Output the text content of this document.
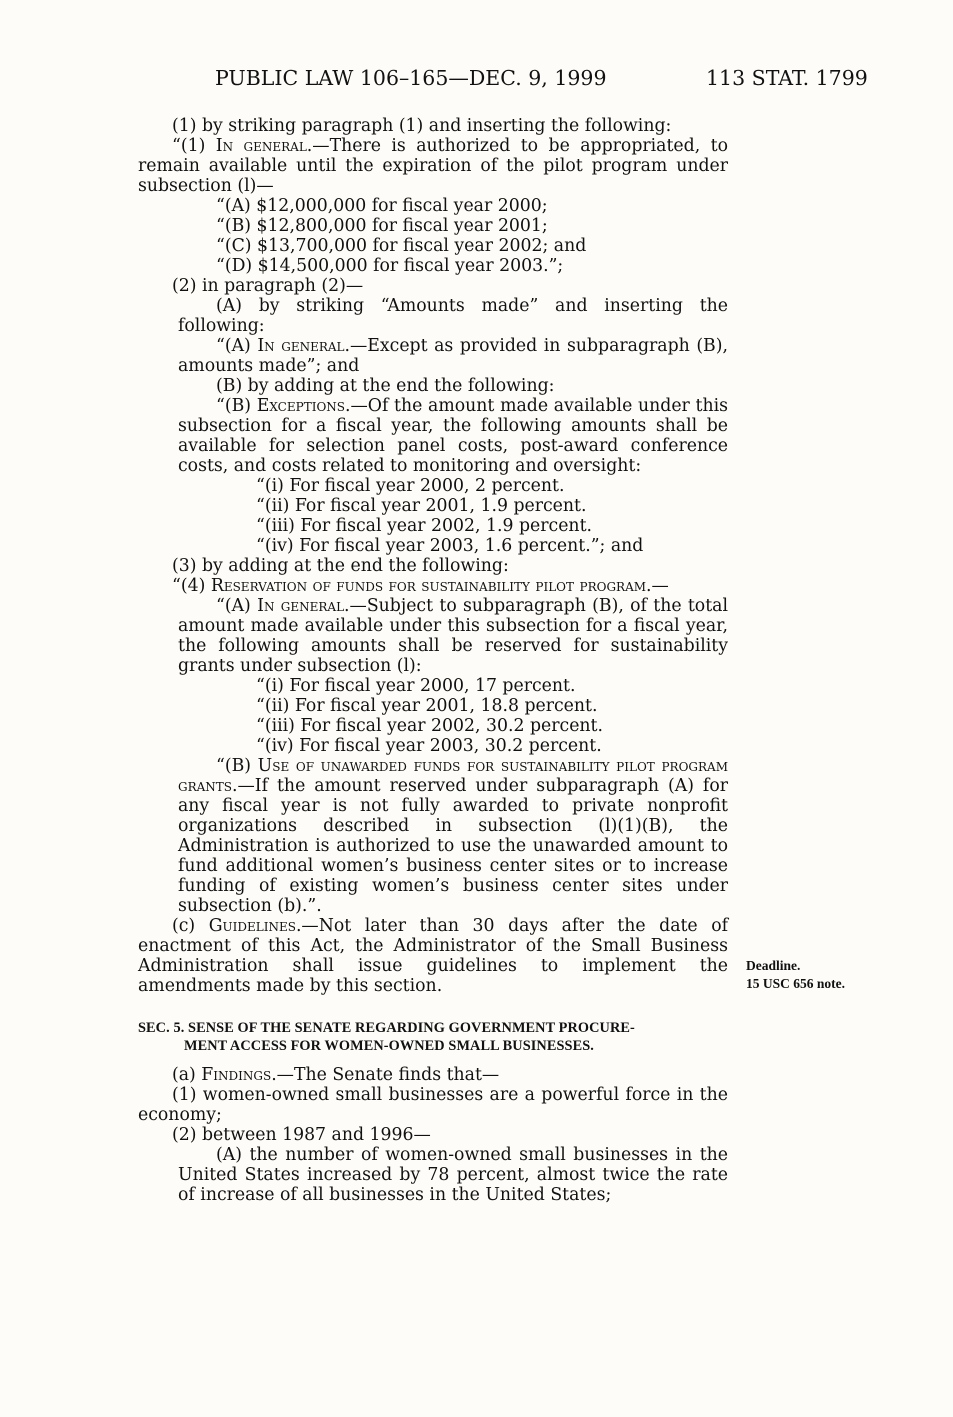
PUBLIC LAW 106–165—DEC. 9, 1999	113 STAT. 1799
(1) by striking paragraph (1) and inserting the following:
“(1) In general.—There is authorized to be appropriated, to remain available until the expiration of the pilot program under subsection (l)—
“(A) $12,000,000 for fiscal year 2000;
“(B) $12,800,000 for fiscal year 2001;
“(C) $13,700,000 for fiscal year 2002; and
“(D) $14,500,000 for fiscal year 2003.”;
(2) in paragraph (2)—
(A) by striking “Amounts made” and inserting the following:
“(A) In general.—Except as provided in subparagraph (B), amounts made”; and
(B) by adding at the end the following:
“(B) Exceptions.—Of the amount made available under this subsection for a fiscal year, the following amounts shall be available for selection panel costs, post-award conference costs, and costs related to monitoring and oversight:
“(i) For fiscal year 2000, 2 percent.
“(ii) For fiscal year 2001, 1.9 percent.
“(iii) For fiscal year 2002, 1.9 percent.
“(iv) For fiscal year 2003, 1.6 percent.”; and
(3) by adding at the end the following:
“(4) Reservation of funds for sustainability pilot program.—
“(A) In general.—Subject to subparagraph (B), of the total amount made available under this subsection for a fiscal year, the following amounts shall be reserved for sustainability grants under subsection (l):
“(i) For fiscal year 2000, 17 percent.
“(ii) For fiscal year 2001, 18.8 percent.
“(iii) For fiscal year 2002, 30.2 percent.
“(iv) For fiscal year 2003, 30.2 percent.
“(B) Use of unawarded funds for sustainability pilot program grants.—If the amount reserved under subparagraph (A) for any fiscal year is not fully awarded to private nonprofit organizations described in subsection (l)(1)(B), the Administration is authorized to use the unawarded amount to fund additional women’s business center sites or to increase funding of existing women’s business center sites under subsection (b).”.
(c) Guidelines.—Not later than 30 days after the date of enactment of this Act, the Administrator of the Small Business Administration shall issue guidelines to implement the amendments made by this section.
SEC. 5. SENSE OF THE SENATE REGARDING GOVERNMENT PROCURE-
MENT ACCESS FOR WOMEN-OWNED SMALL BUSINESSES.
(a) Findings.—The Senate finds that—
(1) women-owned small businesses are a powerful force in the economy;
(2) between 1987 and 1996—
(A) the number of women-owned small businesses in the United States increased by 78 percent, almost twice the rate of increase of all businesses in the United States;
Deadline.
15 USC 656 note.
